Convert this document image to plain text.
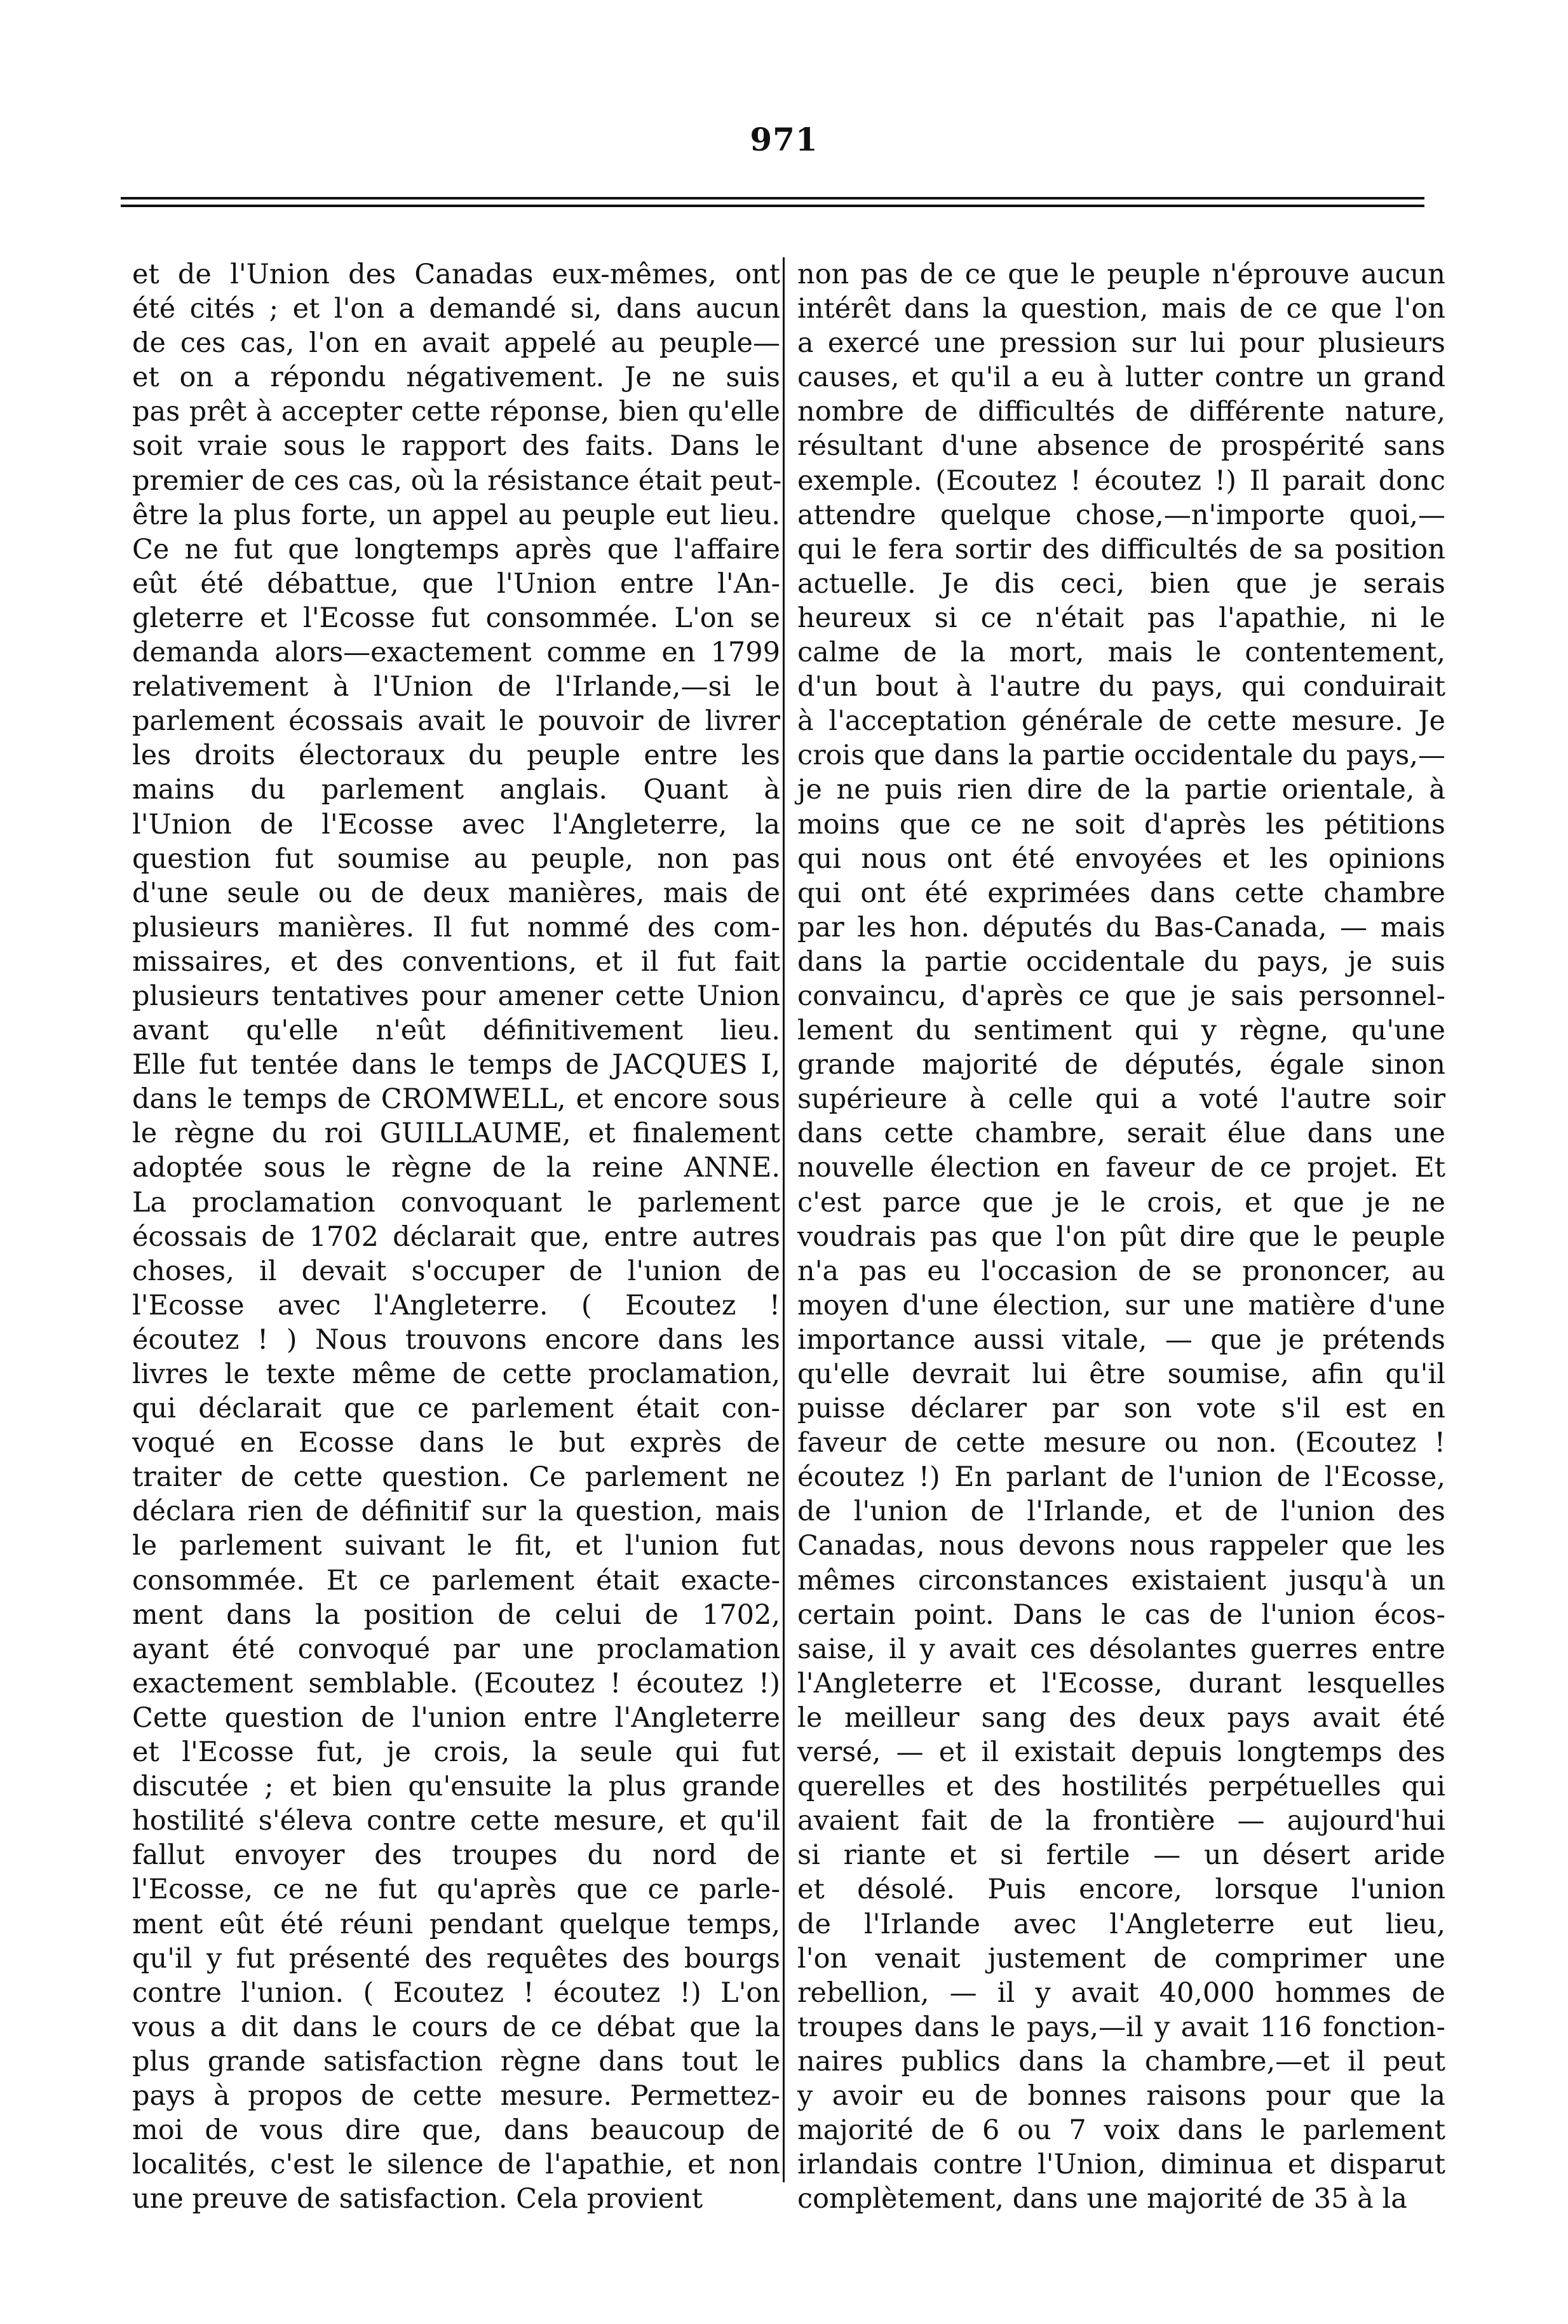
971
et de l'Union des Canadas eux-mêmes, ont
été cités ; et l'on a demandé si, dans aucun
de ces cas, l'on en avait appelé au peuple—
et on a répondu négativement. Je ne suis
pas prêt à accepter cette réponse, bien qu'elle
soit vraie sous le rapport des faits. Dans le
premier de ces cas, où la résistance était peut-
être la plus forte, un appel au peuple eut lieu.
Ce ne fut que longtemps après que l'affaire
eût été débattue, que l'Union entre l'An-
gleterre et l'Ecosse fut consommée. L'on se
demanda alors—exactement comme en 1799
relativement à l'Union de l'Irlande,—si le
parlement écossais avait le pouvoir de livrer
les droits électoraux du peuple entre les
mains du parlement anglais. Quant à
l'Union de l'Ecosse avec l'Angleterre, la
question fut soumise au peuple, non pas
d'une seule ou de deux manières, mais de
plusieurs manières. Il fut nommé des com-
missaires, et des conventions, et il fut fait
plusieurs tentatives pour amener cette Union
avant qu'elle n'eût définitivement lieu.
Elle fut tentée dans le temps de JACQUES I,
dans le temps de CROMWELL, et encore sous
le règne du roi GUILLAUME, et finalement
adoptée sous le règne de la reine ANNE.
La proclamation convoquant le parlement
écossais de 1702 déclarait que, entre autres
choses, il devait s'occuper de l'union de
l'Ecosse avec l'Angleterre. ( Ecoutez !
écoutez ! ) Nous trouvons encore dans les
livres le texte même de cette proclamation,
qui déclarait que ce parlement était con-
voqué en Ecosse dans le but exprès de
traiter de cette question. Ce parlement ne
déclara rien de définitif sur la question, mais
le parlement suivant le fit, et l'union fut
consommée. Et ce parlement était exacte-
ment dans la position de celui de 1702,
ayant été convoqué par une proclamation
exactement semblable. (Ecoutez ! écoutez !)
Cette question de l'union entre l'Angleterre
et l'Ecosse fut, je crois, la seule qui fut
discutée ; et bien qu'ensuite la plus grande
hostilité s'éleva contre cette mesure, et qu'il
fallut envoyer des troupes du nord de
l'Ecosse, ce ne fut qu'après que ce parle-
ment eût été réuni pendant quelque temps,
qu'il y fut présenté des requêtes des bourgs
contre l'union. ( Ecoutez ! écoutez !) L'on
vous a dit dans le cours de ce débat que la
plus grande satisfaction règne dans tout le
pays à propos de cette mesure. Permettez-
moi de vous dire que, dans beaucoup de
localités, c'est le silence de l'apathie, et non
une preuve de satisfaction. Cela provient
non pas de ce que le peuple n'éprouve aucun
intérêt dans la question, mais de ce que l'on
a exercé une pression sur lui pour plusieurs
causes, et qu'il a eu à lutter contre un grand
nombre de difficultés de différente nature,
résultant d'une absence de prospérité sans
exemple. (Ecoutez ! écoutez !) Il parait donc
attendre quelque chose,—n'importe quoi,—
qui le fera sortir des difficultés de sa position
actuelle. Je dis ceci, bien que je serais
heureux si ce n'était pas l'apathie, ni le
calme de la mort, mais le contentement,
d'un bout à l'autre du pays, qui conduirait
à l'acceptation générale de cette mesure. Je
crois que dans la partie occidentale du pays,—
je ne puis rien dire de la partie orientale, à
moins que ce ne soit d'après les pétitions
qui nous ont été envoyées et les opinions
qui ont été exprimées dans cette chambre
par les hon. députés du Bas-Canada, — mais
dans la partie occidentale du pays, je suis
convaincu, d'après ce que je sais personnel-
lement du sentiment qui y règne, qu'une
grande majorité de députés, égale sinon
supérieure à celle qui a voté l'autre soir
dans cette chambre, serait élue dans une
nouvelle élection en faveur de ce projet. Et
c'est parce que je le crois, et que je ne
voudrais pas que l'on pût dire que le peuple
n'a pas eu l'occasion de se prononcer, au
moyen d'une élection, sur une matière d'une
importance aussi vitale, — que je prétends
qu'elle devrait lui être soumise, afin qu'il
puisse déclarer par son vote s'il est en
faveur de cette mesure ou non. (Ecoutez !
écoutez !) En parlant de l'union de l'Ecosse,
de l'union de l'Irlande, et de l'union des
Canadas, nous devons nous rappeler que les
mêmes circonstances existaient jusqu'à un
certain point. Dans le cas de l'union écos-
saise, il y avait ces désolantes guerres entre
l'Angleterre et l'Ecosse, durant lesquelles
le meilleur sang des deux pays avait été
versé, — et il existait depuis longtemps des
querelles et des hostilités perpétuelles qui
avaient fait de la frontière — aujourd'hui
si riante et si fertile — un désert aride
et désolé. Puis encore, lorsque l'union
de l'Irlande avec l'Angleterre eut lieu,
l'on venait justement de comprimer une
rebellion, — il y avait 40,000 hommes de
troupes dans le pays,—il y avait 116 fonction-
naires publics dans la chambre,—et il peut
y avoir eu de bonnes raisons pour que la
majorité de 6 ou 7 voix dans le parlement
irlandais contre l'Union, diminua et disparut
complètement, dans une majorité de 35 à la
